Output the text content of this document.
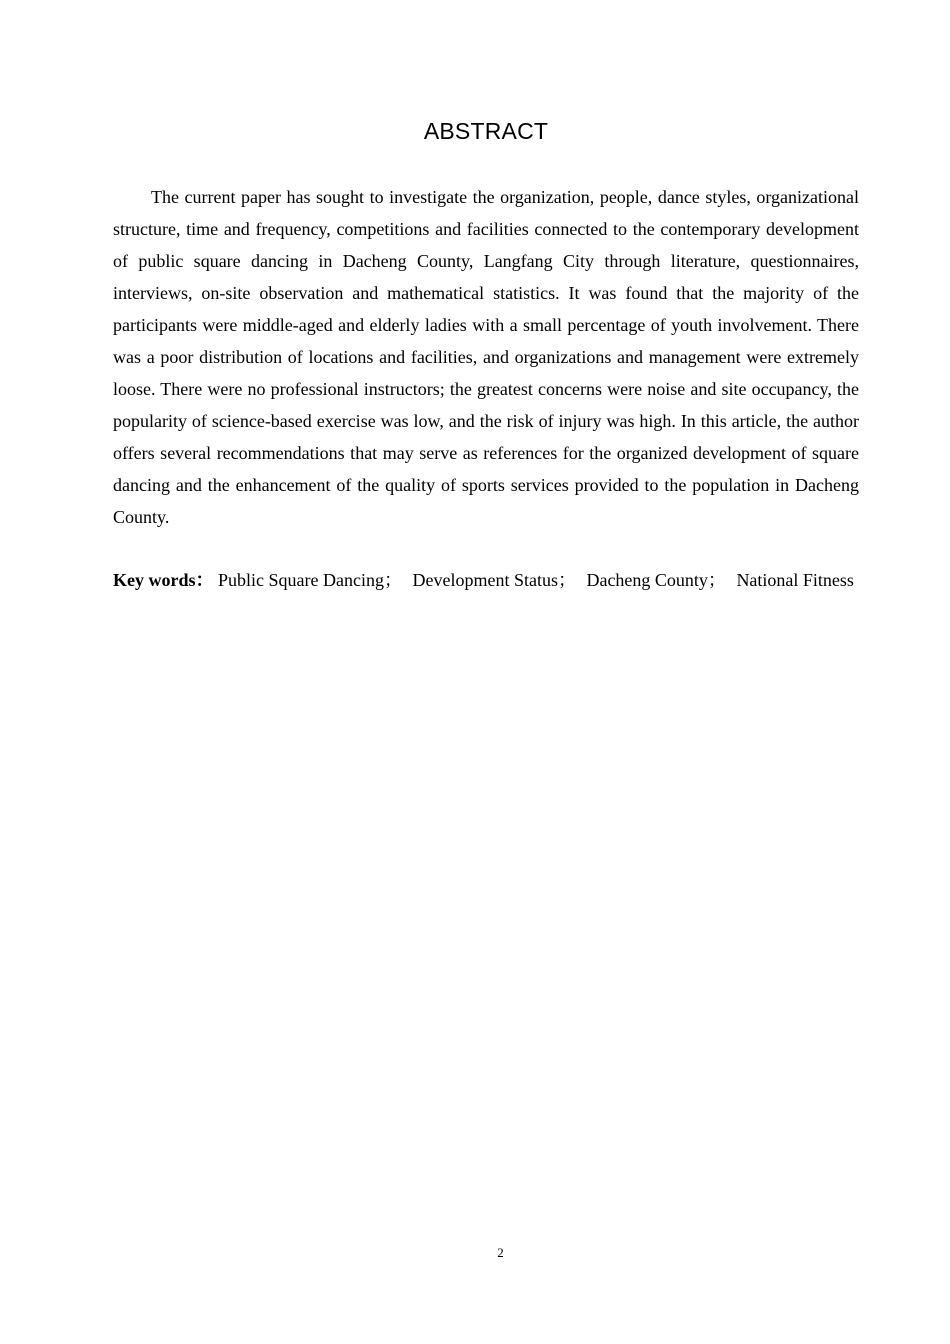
ABSTRACT

The current paper has sought to investigate the organization, people, dance styles, organizational structure, time and frequency, competitions and facilities connected to the contemporary development of public square dancing in Dacheng County, Langfang City through literature, questionnaires, interviews, on-site observation and mathematical statistics. It was found that the majority of the participants were middle-aged and elderly ladies with a small percentage of youth involvement. There was a poor distribution of locations and facilities, and organizations and management were extremely loose. There were no professional instructors; the greatest concerns were noise and site occupancy, the popularity of science-based exercise was low, and the risk of injury was high. In this article, the author offers several recommendations that may serve as references for the organized development of square dancing and the enhancement of the quality of sports services provided to the population in Dacheng County.

Key words： Public Square Dancing； Development Status； Dacheng County； National Fitness

2
